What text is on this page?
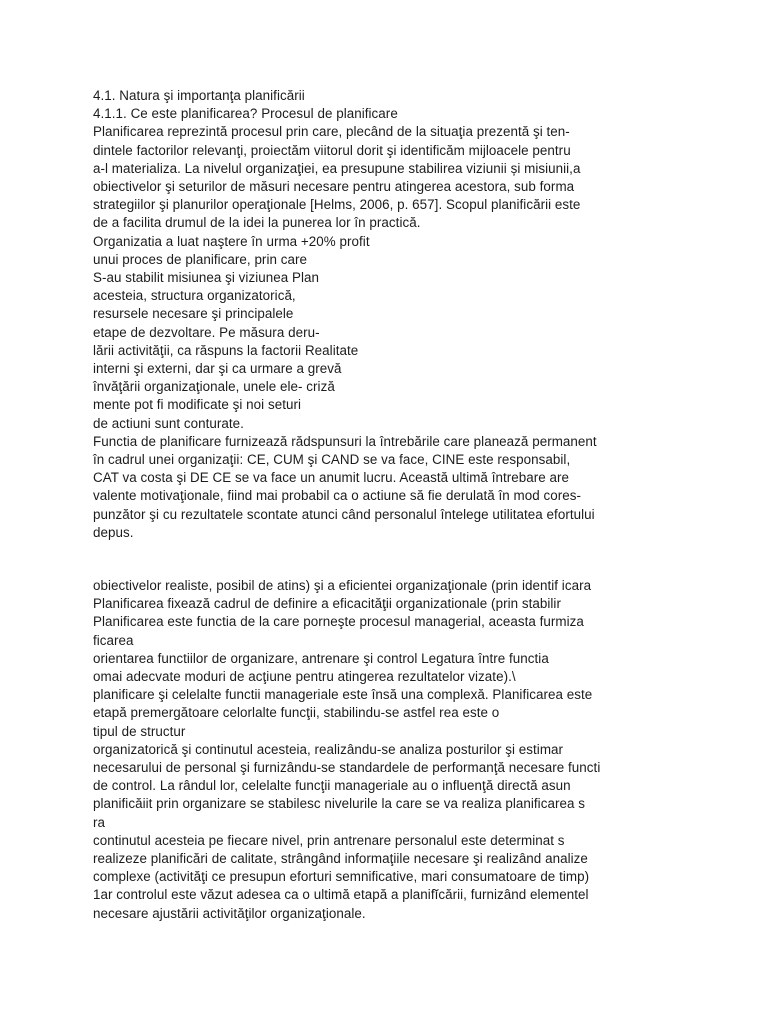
4.1. Natura şi importanţa planificării
4.1.1. Ce este planificarea? Procesul de planificare
Planificarea reprezintă procesul prin care, plecând de la situaţia prezentă şi ten-
dintele factorilor relevanţi, proiectăm viitorul dorit şi identificăm mijloacele pentru
a-l materializa. La nivelul organizaţiei, ea presupune stabilirea viziunii și misiunii,a
obiectivelor şi seturilor de măsuri necesare pentru atingerea acestora, sub forma
strategiilor şi planurilor operaţionale [Helms, 2006, p. 657]. Scopul planificării este
de a facilita drumul de la idei la punerea lor în practică.
Organizatia a luat naştere în urma +20% profit
unui proces de planificare, prin care
S-au stabilit misiunea şi viziunea Plan
acesteia, structura organizatorică,
resursele necesare şi principalele
etape de dezvoltare. Pe măsura deru-
lării activităţii, ca răspuns la factorii Realitate
interni şi externi, dar şi ca urmare a grevă
învăţării organizaţionale, unele ele- criză
mente pot fi modificate şi noi seturi
de actiuni sunt conturate.
Functia de planificare furnizează rădspunsuri la întrebările care planează permanent
în cadrul unei organizaţii: CE, CUM şi CAND se va face, CINE este responsabil,
CAT va costa şi DE CE se va face un anumit lucru. Această ultimă întrebare are
valente motivaţionale, fiind mai probabil ca o actiune să fie derulată în mod cores-
punzător şi cu rezultatele scontate atunci când personalul întelege utilitatea efortului
depus.
obiectivelor realiste, posibil de atins) şi a eficientei organizaţionale (prin identif icara
Planificarea fixează cadrul de definire a eficacităţii organizationale (prin stabilir
Planificarea este functia de la care porneşte procesul managerial, aceasta furmiza
ficarea
orientarea functiilor de organizare, antrenare şi control Legatura între functia
omai adecvate moduri de acţiune pentru atingerea rezultatelor vizate).\
planificare şi celelalte functii manageriale este însă una complexă. Planificarea este
etapă premergătoare celorlalte funcţii, stabilindu-se astfel rea este o
tipul de structur
organizatorică şi continutul acesteia, realizându-se analiza posturilor şi estimar
necesarului de personal şi furnizându-se standardele de performanţă necesare functi
de control. La rândul lor, celelalte funcţii manageriale au o influenţă directă asun
planificăiit prin organizare se stabilesc nivelurile la care se va realiza planificarea s
ra
continutul acesteia pe fiecare nivel, prin antrenare personalul este determinat s
realizeze planificări de calitate, strângând informaţiile necesare şi realizând analize
complexe (activităţi ce presupun eforturi semnificative, mari consumatoare de timp)
1ar controlul este văzut adesea ca o ultimă etapă a planifĭcării, furnizând elementel
necesare ajustării activităţilor organizaţionale.
